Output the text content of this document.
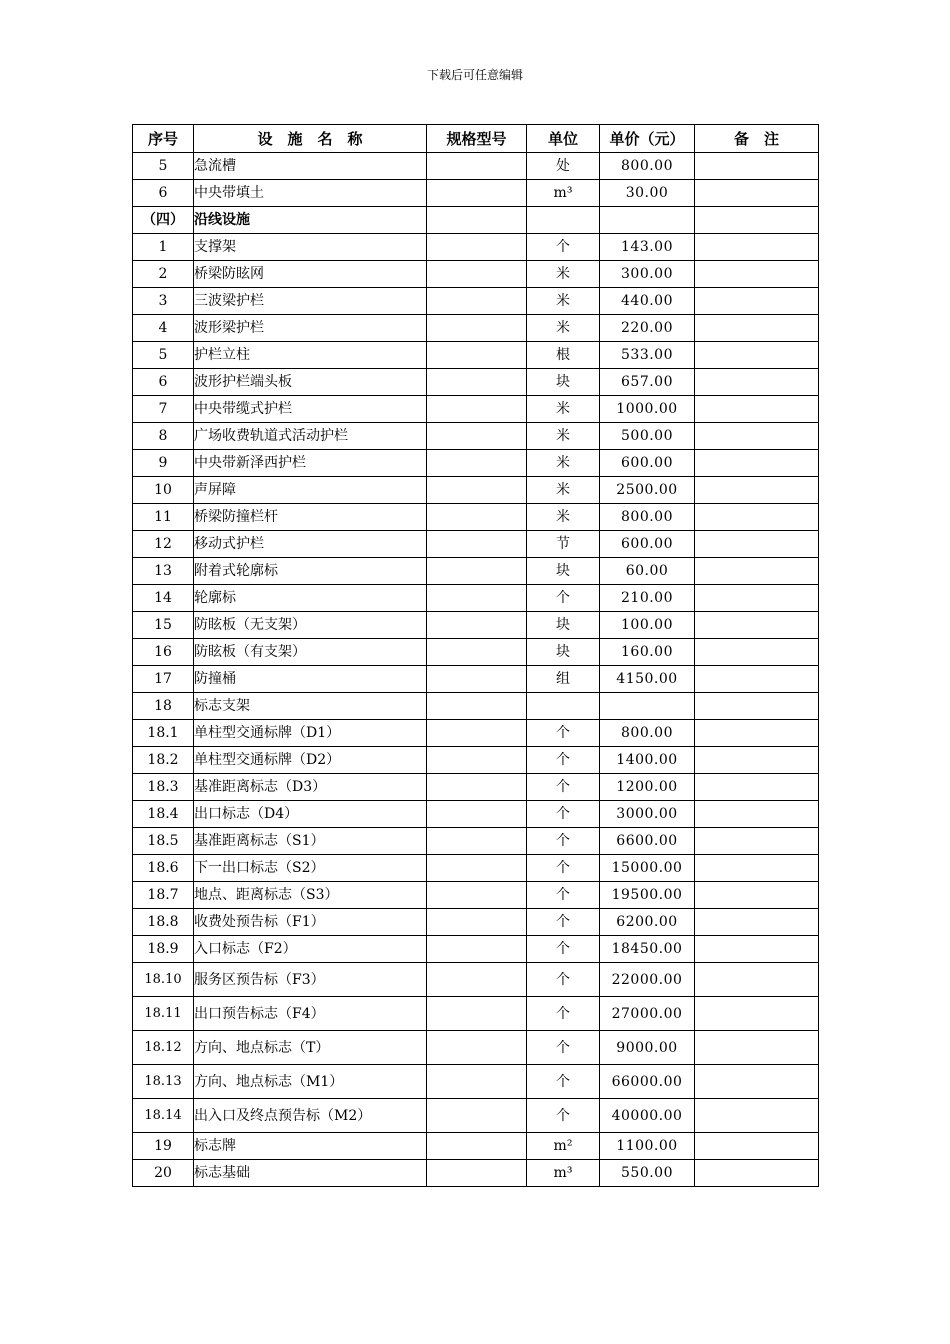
下载后可任意编辑
序号	设　施　名　称	规格型号	单位	单价（元）	备　注
5	急流槽		处	800.00	
6	中央带填土		m³	30.00	
（四）	沿线设施				
1	支撑架		个	143.00	
2	桥梁防眩网		米	300.00	
3	三波梁护栏		米	440.00	
4	波形梁护栏		米	220.00	
5	护栏立柱		根	533.00	
6	波形护栏端头板		块	657.00	
7	中央带缆式护栏		米	1000.00	
8	广场收费轨道式活动护栏		米	500.00	
9	中央带新泽西护栏		米	600.00	
10	声屏障		米	2500.00	
11	桥梁防撞栏杆		米	800.00	
12	移动式护栏		节	600.00	
13	附着式轮廓标		块	60.00	
14	轮廓标		个	210.00	
15	防眩板（无支架）		块	100.00	
16	防眩板（有支架）		块	160.00	
17	防撞桶		组	4150.00	
18	标志支架				
18.1	单柱型交通标牌（D1）		个	800.00	
18.2	单柱型交通标牌（D2）		个	1400.00	
18.3	基准距离标志（D3）		个	1200.00	
18.4	出口标志（D4）		个	3000.00	
18.5	基准距离标志（S1）		个	6600.00	
18.6	下一出口标志（S2）		个	15000.00	
18.7	地点、距离标志（S3）		个	19500.00	
18.8	收费处预告标（F1）		个	6200.00	
18.9	入口标志（F2）		个	18450.00	
18.10	服务区预告标（F3）		个	22000.00	
18.11	出口预告标志（F4）		个	27000.00	
18.12	方向、地点标志（T）		个	9000.00	
18.13	方向、地点标志（M1）		个	66000.00	
18.14	出入口及终点预告标（M2）		个	40000.00	
19	标志牌		m²	1100.00	
20	标志基础		m³	550.00	
